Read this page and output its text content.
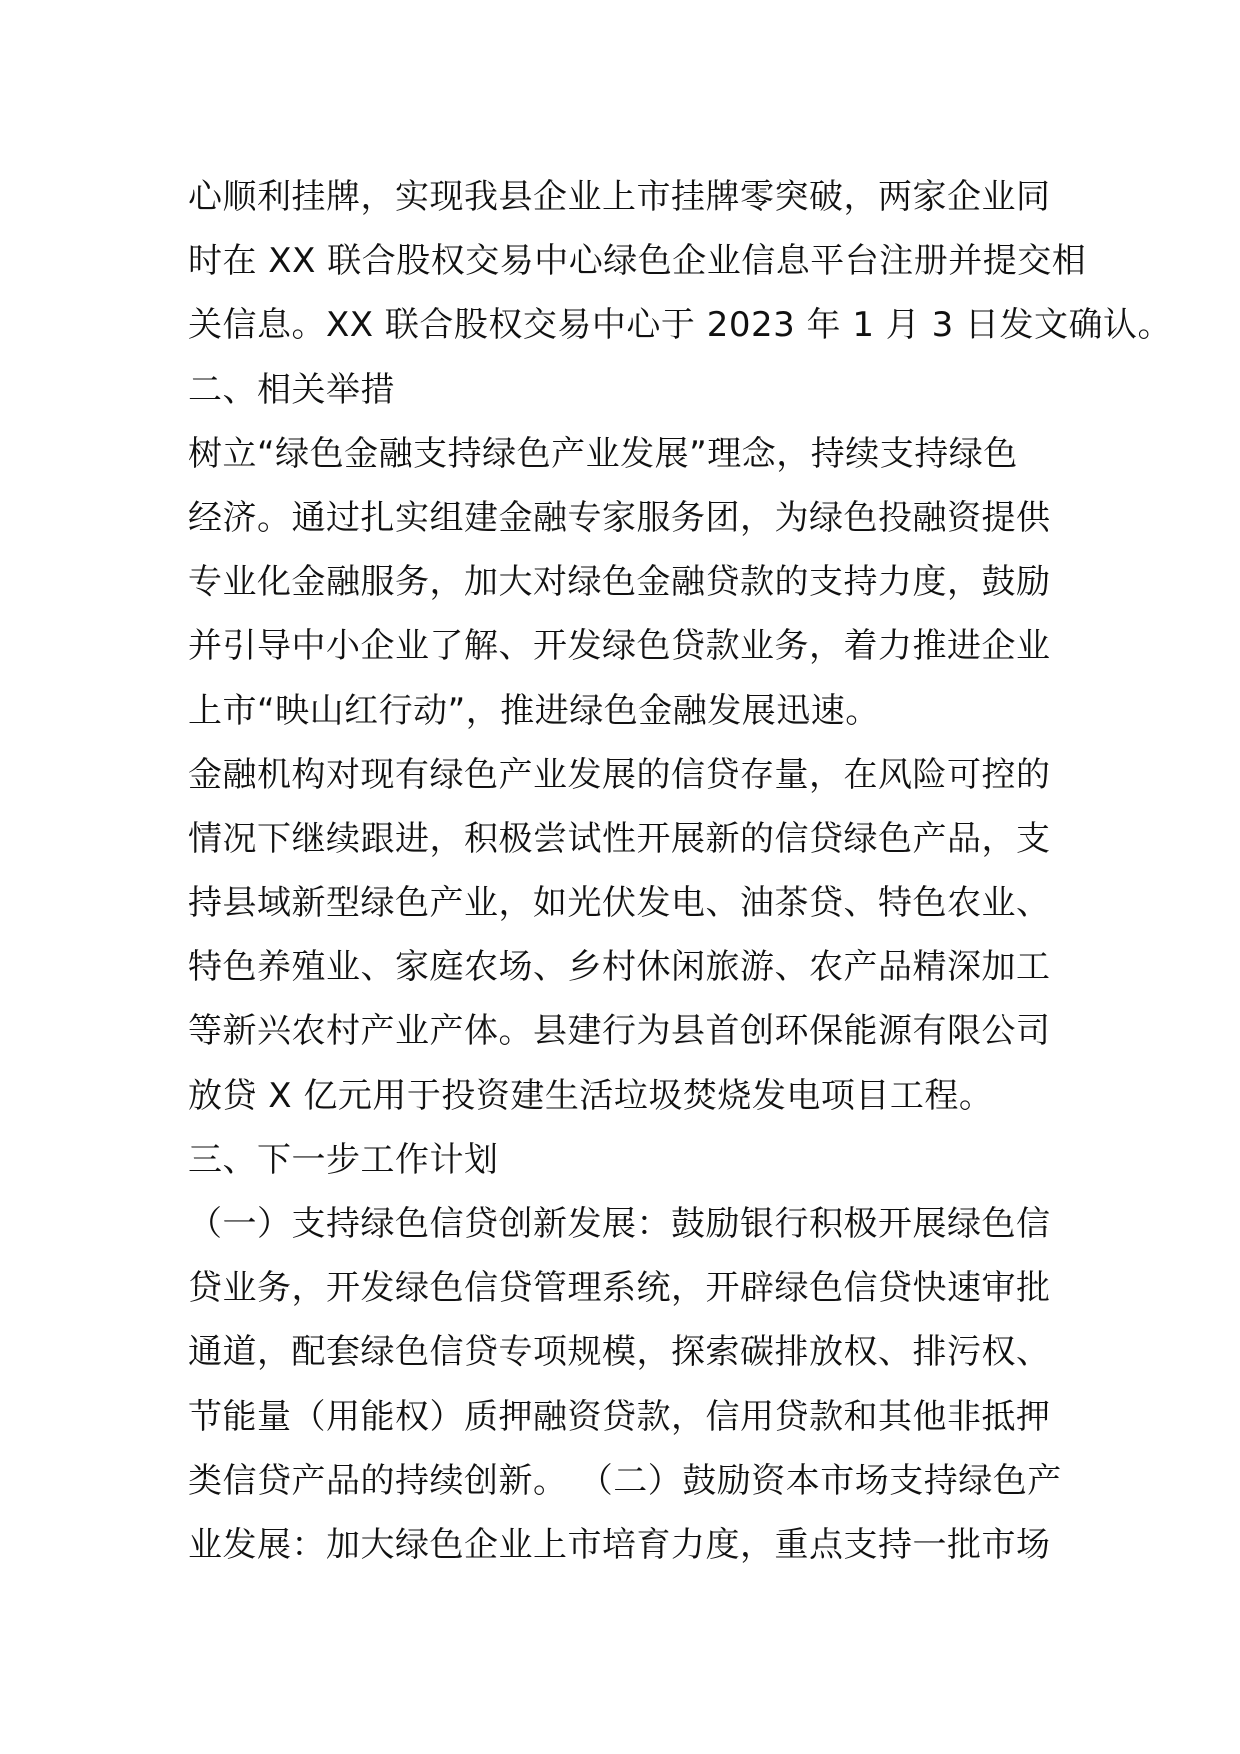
心顺利挂牌，实现我县企业上市挂牌零突破，两家企业同
时在 XX 联合股权交易中心绿色企业信息平台注册并提交相
关信息。XX 联合股权交易中心于 2023 年 1 月 3 日发文确认。
二、相关举措
树立“绿色金融支持绿色产业发展”理念，持续支持绿色
经济。通过扎实组建金融专家服务团，为绿色投融资提供
专业化金融服务，加大对绿色金融贷款的支持力度，鼓励
并引导中小企业了解、开发绿色贷款业务，着力推进企业
上市“映山红行动”，推进绿色金融发展迅速。
金融机构对现有绿色产业发展的信贷存量，在风险可控的
情况下继续跟进，积极尝试性开展新的信贷绿色产品，支
持县域新型绿色产业，如光伏发电、油茶贷、特色农业、
特色养殖业、家庭农场、乡村休闲旅游、农产品精深加工
等新兴农村产业产体。县建行为县首创环保能源有限公司
放贷 X 亿元用于投资建生活垃圾焚烧发电项目工程。
三、下一步工作计划
（一）支持绿色信贷创新发展：鼓励银行积极开展绿色信
贷业务，开发绿色信贷管理系统，开辟绿色信贷快速审批
通道，配套绿色信贷专项规模，探索碳排放权、排污权、
节能量（用能权）质押融资贷款，信用贷款和其他非抵押
类信贷产品的持续创新。 （二）鼓励资本市场支持绿色产
业发展：加大绿色企业上市培育力度，重点支持一批市场
